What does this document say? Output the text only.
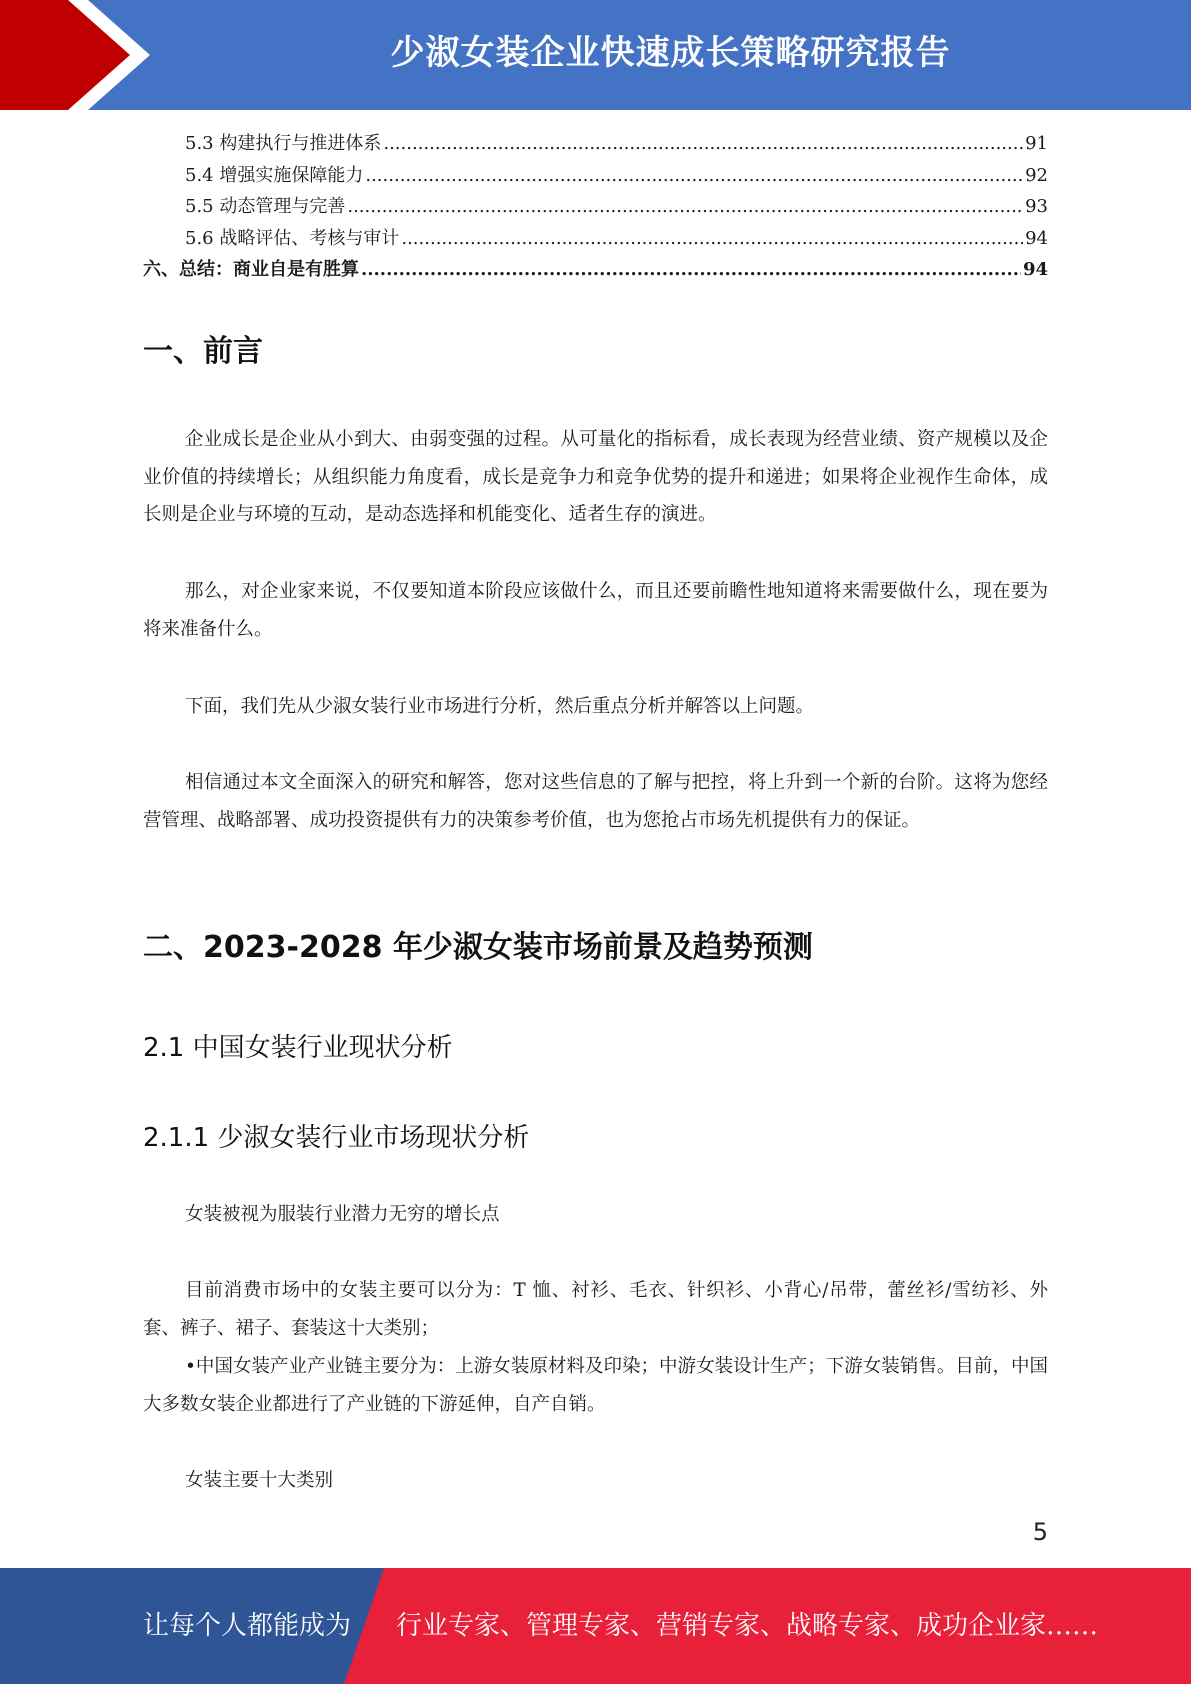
少淑女装企业快速成长策略研究报告
5.3 构建执行与推进体系 .....	91
5.4 增强实施保障能力 .....	92
5.5 动态管理与完善 .....	93
5.6 战略评估、考核与审计 .....	94
六、总结：商业自是有胜算 .....	94
一、前言

企业成长是企业从小到大、由弱变强的过程。从可量化的指标看，成长表现为经营业绩、资产规模以及企业价值的持续增长；从组织能力角度看，成长是竞争力和竞争优势的提升和递进；如果将企业视作生命体，成长则是企业与环境的互动，是动态选择和机能变化、适者生存的演进。

那么，对企业家来说，不仅要知道本阶段应该做什么，而且还要前瞻性地知道将来需要做什么，现在要为将来准备什么。

下面，我们先从少淑女装行业市场进行分析，然后重点分析并解答以上问题。

相信通过本文全面深入的研究和解答，您对这些信息的了解与把控，将上升到一个新的台阶。这将为您经营管理、战略部署、成功投资提供有力的决策参考价值，也为您抢占市场先机提供有力的保证。

二、2023-2028 年少淑女装市场前景及趋势预测
2.1 中国女装行业现状分析
2.1.1 少淑女装行业市场现状分析

女装被视为服装行业潜力无穷的增长点

目前消费市场中的女装主要可以分为：T 恤、衬衫、毛衣、针织衫、小背心/吊带，蕾丝衫/雪纺衫、外套、裤子、裙子、套装这十大类别；

•中国女装产业产业链主要分为：上游女装原材料及印染；中游女装设计生产；下游女装销售。目前，中国大多数女装企业都进行了产业链的下游延伸，自产自销。

女装主要十大类别

5
让每个人都能成为 行业专家、管理专家、营销专家、战略专家、成功企业家……
